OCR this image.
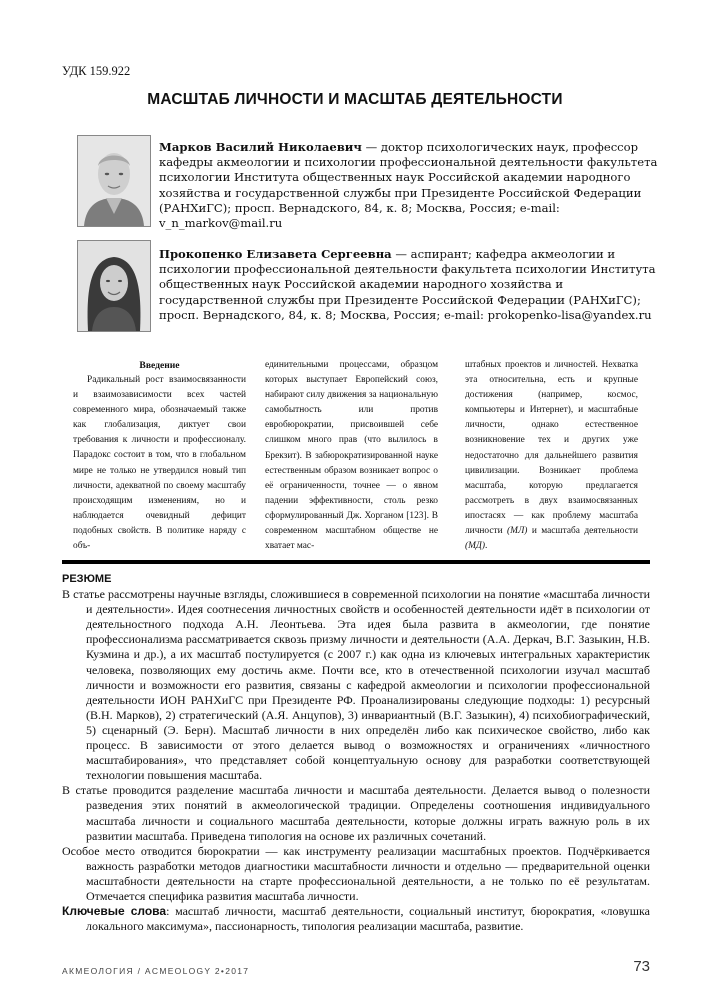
УДК 159.922
МАСШТАБ ЛИЧНОСТИ И МАСШТАБ ДЕЯТЕЛЬНОСТИ
Марков Василий Николаевич — доктор психологических наук, профессор кафедры акмеологии и психологии профессиональной деятельности факультета психологии Института общественных наук Российской академии народного хозяйства и государственной службы при Президенте Российской Федерации (РАНХиГС); просп. Вернадского, 84, к. 8; Москва, Россия; e-mail: v_n_markov@mail.ru
Прокопенко Елизавета Сергеевна — аспирант; кафедра акмеологии и психологии профессиональной деятельности факультета психологии Института общественных наук Российской академии народного хозяйства и государственной службы при Президенте Российской Федерации (РАНХиГС); просп. Вернадского, 84, к. 8; Москва, Россия; e-mail: prokopenko-lisa@yandex.ru
Введение

Радикальный рост взаимосвязанности и взаимозависимости всех частей современного мира, обозначаемый также как глобализация, диктует свои требования к личности и профессионалу. Парадокс состоит в том, что в глобальном мире не только не утвердился новый тип личности, адекватной по своему масштабу происходящим изменениям, но и наблюдается очевидный дефицит подобных свойств. В политике наряду с объ-

единительными процессами, образцом которых выступает Европейский союз, набирают силу движения за национальную самобытность или против евробюрократии, присвоившей себе слишком много прав (что вылилось в Брекзит). В забюрократизированной науке естественным образом возникает вопрос о её ограниченности, точнее — о явном падении эффективности, столь резко сформулированный Дж. Хорганом [123]. В современном масштабном обществе не хватает мас-

штабных проектов и личностей. Нехватка эта относительна, есть и крупные достижения (например, космос, компьютеры и Интернет), и масштабные личности, однако естественное возникновение тех и других уже недостаточно для дальнейшего развития цивилизации. Возникает проблема масштаба, которую предлагается рассмотреть в двух взаимосвязанных ипостасях — как проблему масштаба личности (МЛ) и масштаба деятельности (МД).

РЕЗЮМЕ

В статье рассмотрены научные взгляды, сложившиеся в современной психологии на понятие «масштаба личности и деятельности». Идея соотнесения личностных свойств и особенностей деятельности идёт в психологии от деятельностного подхода А.Н. Леонтьева. Эта идея была развита в акмеологии, где понятие профессионализма рассматривается сквозь призму личности и деятельности (А.А. Деркач, В.Г. Зазыкин, Н.В. Кузмина и др.), а их масштаб постулируется (с 2007 г.) как одна из ключевых интегральных характеристик человека, позволяющих ему достичь акме. Почти все, кто в отечественной психологии изучал масштаб личности и возможности его развития, связаны с кафедрой акмеологии и психологии профессиональной деятельности ИОН РАНХиГС при Президенте РФ. Проанализированы следующие подходы: 1) ресурсный (В.Н. Марков), 2) стратегический (А.Я. Анцупов), 3) инвариантный (В.Г. Зазыкин), 4) психобиографический, 5) сценарный (Э. Берн). Масштаб личности в них определён либо как психическое свойство, либо как процесс. В зависимости от этого делается вывод о возможностях и ограничениях «личностного масштабирования», что представляет собой концептуальную основу для разработки соответствующей технологии повышения масштаба.

В статье проводится разделение масштаба личности и масштаба деятельности. Делается вывод о полезности разведения этих понятий в акмеологической традиции. Определены соотношения индивидуального масштаба личности и социального масштаба деятельности, которые должны играть важную роль в их развитии масштаба. Приведена типология на основе их различных сочетаний.

Особое место отводится бюрократии — как инструменту реализации масштабных проектов. Подчёркивается важность разработки методов диагностики масштабности личности и отдельно — предварительной оценки масштабности деятельности на старте профессиональной деятельности, а не только по её результатам. Отмечается специфика развития масштаба личности.

Ключевые слова: масштаб личности, масштаб деятельности, социальный институт, бюрократия, «ловушка локального максимума», пассионарность, типология реализации масштаба, развитие.

АКМЕОЛОГИЯ / ACMEOLOGY 2•2017	73
